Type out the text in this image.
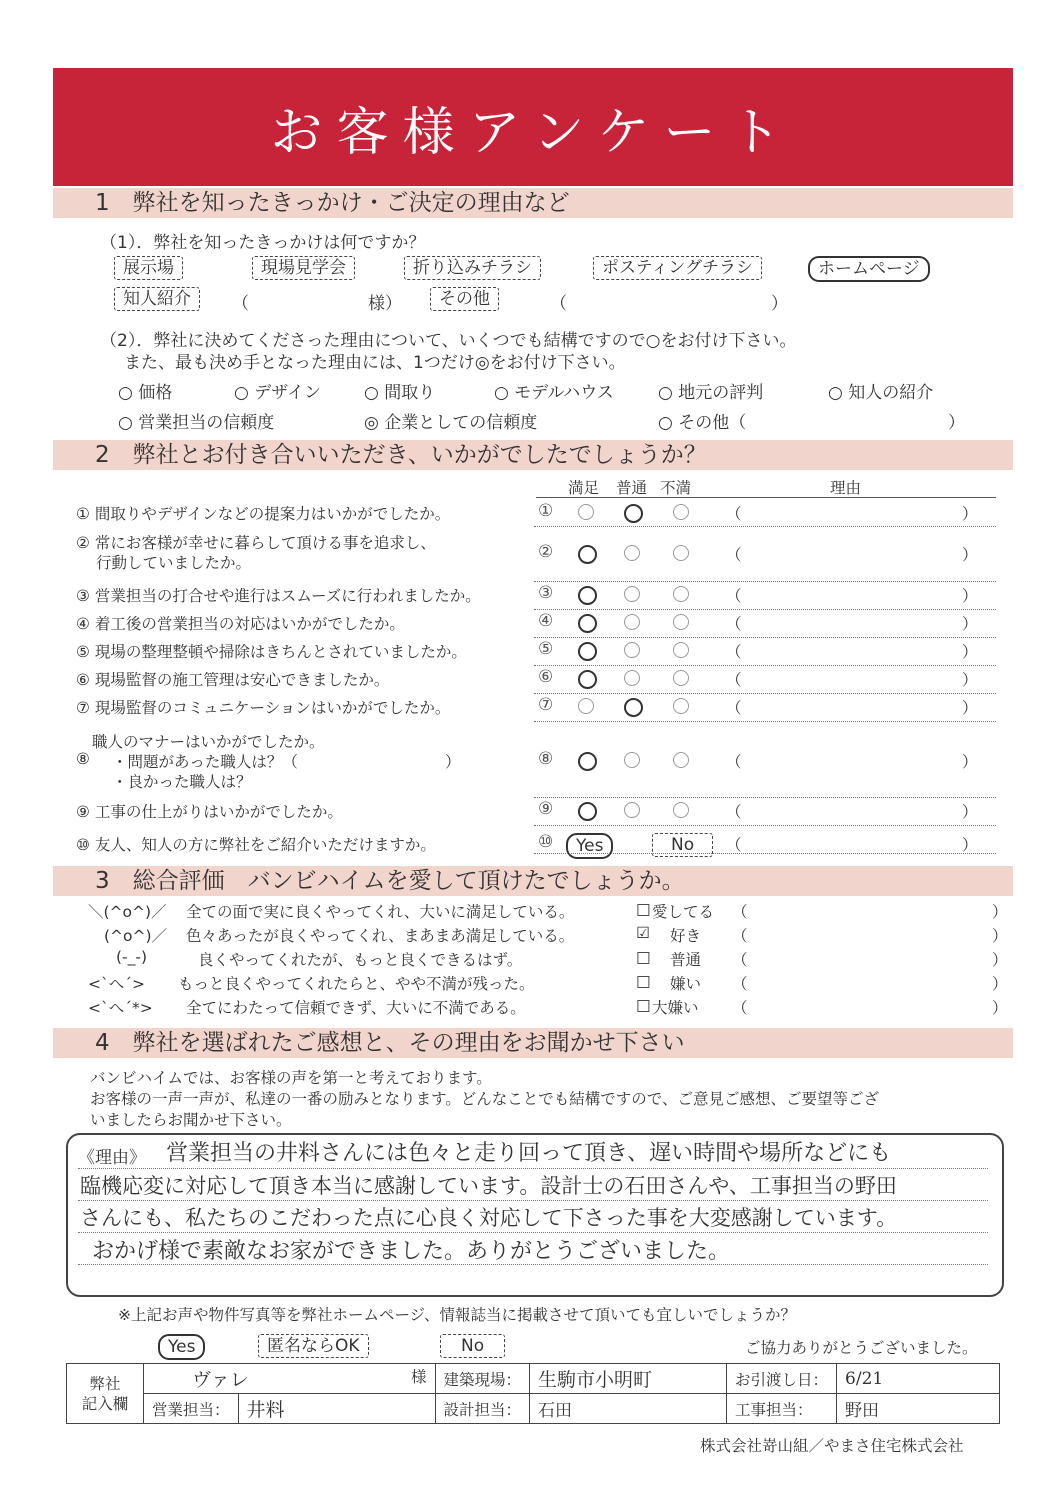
お客様アンケート
1　弊社を知ったきっかけ・ご決定の理由など
（1）．弊社を知ったきっかけは何ですか？
展示場	現場見学会	折り込みチラシ	ポスティングチラシ	ホームページ
知人紹介	（	様）	その他	（　　　　　　　　　　　　）
（2）．弊社に決めてくださった理由について、いくつでも結構ですので○をお付け下さい。
また、最も決め手となった理由には、1つだけ◎をお付け下さい。
○ 価格	○ デザイン	○ 間取り	○ モデルハウス	○ 地元の評判	○ 知人の紹介
○ 営業担当の信頼度	◎ 企業としての信頼度	○ その他（	）
2　弊社とお付き合いいただき、いかがでしたでしょうか？
満足 普通 不満	理由
① 間取りやデザインなどの提案力はいかがでしたか。	①	（	）
② 常にお客様が幸せに暮らして頂ける事を追求し、
行動していましたか。
②	（	）
③ 営業担当の打合せや進行はスムーズに行われましたか。	③	（	）
④ 着工後の営業担当の対応はいかがでしたか。	④	（	）
⑤ 現場の整理整頓や掃除はきちんとされていましたか。	⑤	（	）
⑥ 現場監督の施工管理は安心できましたか。	⑥	（	）
⑦ 現場監督のコミュニケーションはいかがでしたか。	⑦	（	）
職人のマナーはいかがでしたか。
⑧ ・問題があった職人は？（	）
・良かった職人は？
⑧	（	）
⑨ 工事の仕上がりはいかがでしたか。	⑨	（	）
⑩ 友人、知人の方に弊社をご紹介いただけますか。	⑩	Yes	No	（	）
3　総合評価　バンビハイムを愛して頂けたでしょうか。
＼(^o^)／ 全ての面で実に良くやってくれ、大いに満足している。	□ 愛してる （	）
(^o^)／ 色々あったが良くやってくれ、まあまあ満足している。	☑ 好き （	）
(-_-)	良くやってくれたが、もっと良くできるはず。	□ 普通 （	）
<`へ´> もっと良くやってくれたらと、やや不満が残った。	□ 嫌い （	）
<`へ´*> 全てにわたって信頼できず、大いに不満である。	□ 大嫌い （	）
4　弊社を選ばれたご感想と、その理由をお聞かせ下さい
バンビハイムでは、お客様の声を第一と考えております。
お客様の一声一声が、私達の一番の励みとなります。どんなことでも結構ですので、ご意見ご感想、ご要望等ござ
いましたらお聞かせ下さい。
《理由》 営業担当の井料さんには色々と走り回って頂き、遅い時間や場所などにも
臨機応変に対応して頂き本当に感謝しています。設計士の石田さんや、工事担当の野田
さんにも、私たちのこだわった点に心良く対応して下さった事を大変感謝しています。
おかげ様で素敵なお家ができました。ありがとうございました。
※上記お声や物件写真等を弊社ホームページ、情報誌当に掲載させて頂いても宜しいでしょうか？
Yes	匿名ならOK	No	ご協力ありがとうございました。
弊社
記入欄	ヴァレ 様		建築現場：	生駒市小明町	お引渡し日：	6/21
	営業担当：	井料	設計担当：	石田	工事担当：	野田
株式会社嵜山組／やまさ住宅株式会社
